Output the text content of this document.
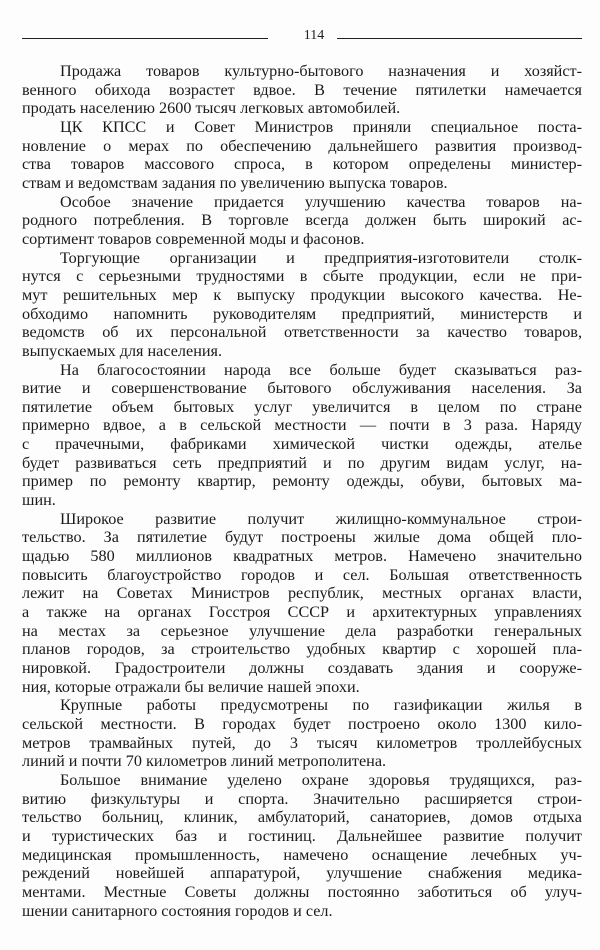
114
Продажа товаров культурно-бытового назначения и хозяйст-
венного обихода возрастет вдвое. В течение пятилетки намечается
продать населению 2600 тысяч легковых автомобилей.
ЦК КПСС и Совет Министров приняли специальное поста-
новление о мерах по обеспечению дальнейшего развития производ-
ства товаров массового спроса, в котором определены министер-
ствам и ведомствам задания по увеличению выпуска товаров.
Особое значение придается улучшению качества товаров на-
родного потребления. В торговле всегда должен быть широкий ас-
сортимент товаров современной моды и фасонов.
Торгующие организации и предприятия-изготовители столк-
нутся с серьезными трудностями в сбыте продукции, если не при-
мут решительных мер к выпуску продукции высокого качества. Не-
обходимо напомнить руководителям предприятий, министерств и
ведомств об их персональной ответственности за качество товаров,
выпускаемых для населения.
На благосостоянии народа все больше будет сказываться раз-
витие и совершенствование бытового обслуживания населения. За
пятилетие объем бытовых услуг увеличится в целом по стране
примерно вдвое, а в сельской местности — почти в 3 раза. Наряду
с прачечными, фабриками химической чистки одежды, ателье
будет развиваться сеть предприятий и по другим видам услуг, на-
пример по ремонту квартир, ремонту одежды, обуви, бытовых ма-
шин.
Широкое развитие получит жилищно-коммунальное строи-
тельство. За пятилетие будут построены жилые дома общей пло-
щадью 580 миллионов квадратных метров. Намечено значительно
повысить благоустройство городов и сел. Большая ответственность
лежит на Советах Министров республик, местных органах власти,
а также на органах Госстроя СССР и архитектурных управлениях
на местах за серьезное улучшение дела разработки генеральных
планов городов, за строительство удобных квартир с хорошей пла-
нировкой. Градостроители должны создавать здания и сооруже-
ния, которые отражали бы величие нашей эпохи.
Крупные работы предусмотрены по газификации жилья в
сельской местности. В городах будет построено около 1300 кило-
метров трамвайных путей, до 3 тысяч километров троллейбусных
линий и почти 70 километров линий метрополитена.
Большое внимание уделено охране здоровья трудящихся, раз-
витию физкультуры и спорта. Значительно расширяется строи-
тельство больниц, клиник, амбулаторий, санаториев, домов отдыха
и туристических баз и гостиниц. Дальнейшее развитие получит
медицинская промышленность, намечено оснащение лечебных уч-
реждений новейшей аппаратурой, улучшение снабжения медика-
ментами. Местные Советы должны постоянно заботиться об улуч-
шении санитарного состояния городов и сел.
